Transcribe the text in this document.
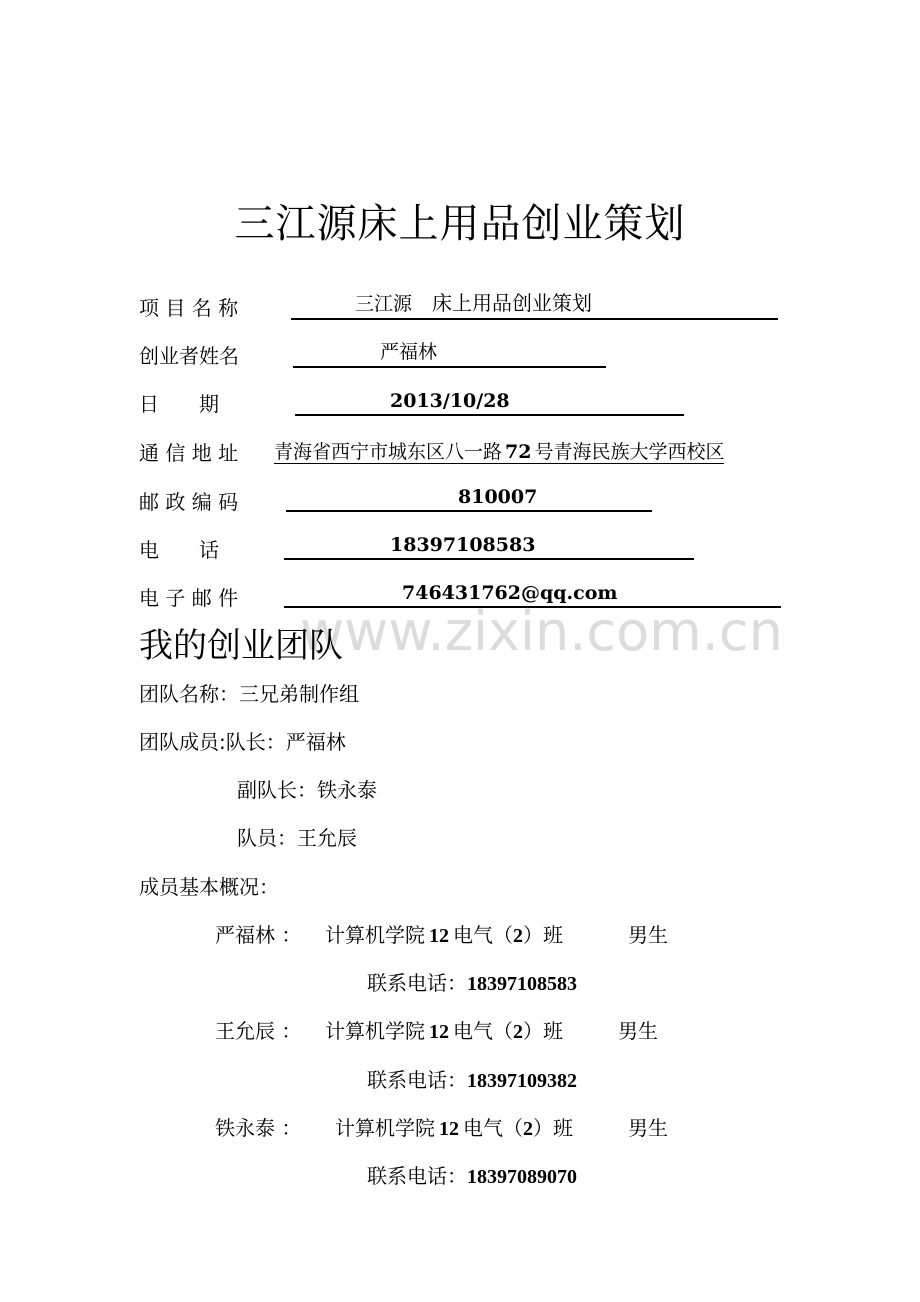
三江源床上用品创业策划
项 目 名 称	三江源 床上用品创业策划
创业者姓名	严福林
日　　期	2013/10/28
通 信 地 址 青海省西宁市城东区八一路 72 号青海民族大学西校区
邮 政 编 码	810007
电　　话	18397108583
电 子 邮 件	746431762@qq.com
www.zixin.com.cn
我的创业团队
团队名称：三兄弟制作组
团队成员:队长：严福林
副队长：铁永泰
队员：王允辰
成员基本概况：
严福林 ： 计算机学院 12 电气（2）班	男生
联系电话：18397108583
王允辰 ： 计算机学院 12 电气（2）班	男生
联系电话：18397109382
铁永泰 ： 计算机学院 12 电气（2）班	男生
联系电话：18397089070
